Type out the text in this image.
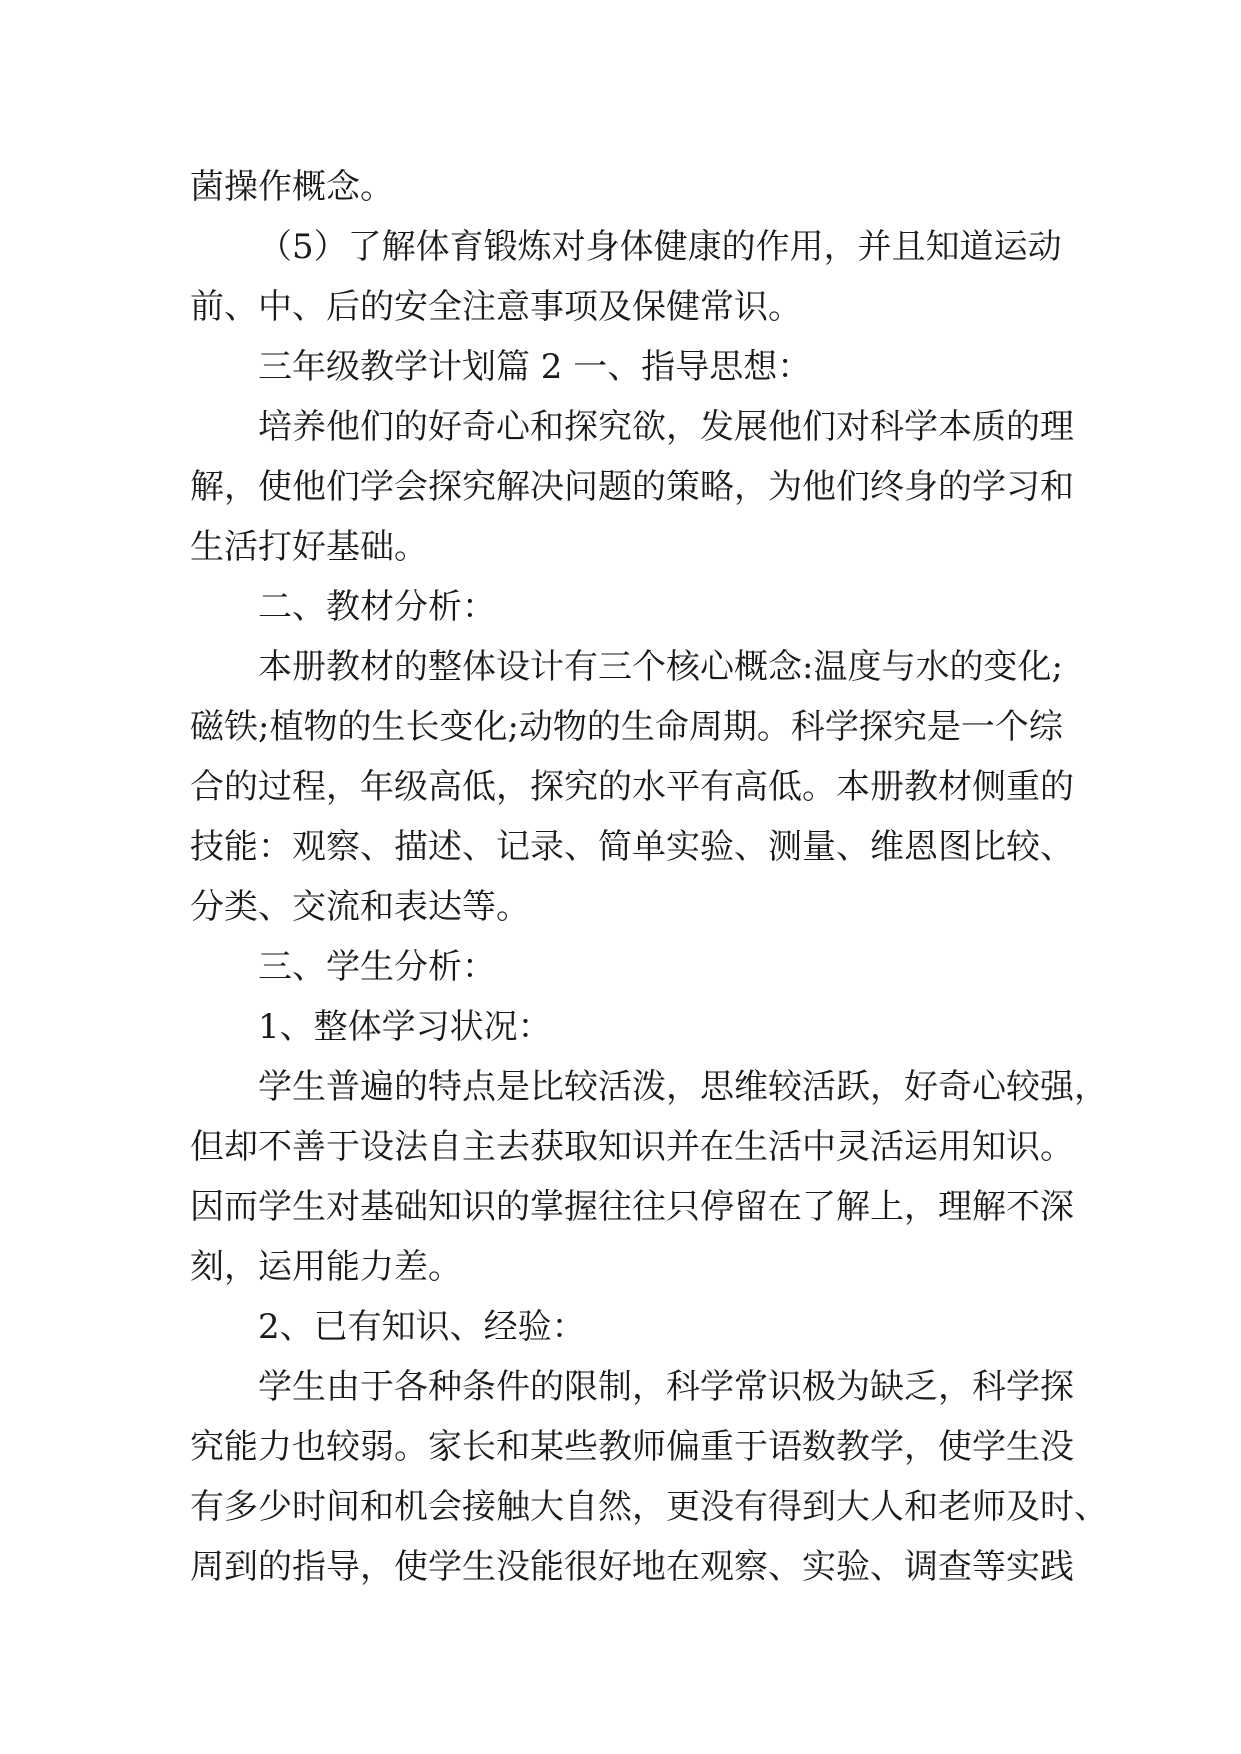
菌操作概念。
（5）了解体育锻炼对身体健康的作用，并且知道运动
前、中、后的安全注意事项及保健常识。
三年级教学计划篇 2 一、指导思想：
培养他们的好奇心和探究欲，发展他们对科学本质的理
解，使他们学会探究解决问题的策略，为他们终身的学习和
生活打好基础。
二、教材分析：
本册教材的整体设计有三个核心概念:温度与水的变化;
磁铁;植物的生长变化;动物的生命周期。科学探究是一个综
合的过程，年级高低，探究的水平有高低。本册教材侧重的
技能：观察、描述、记录、简单实验、测量、维恩图比较、
分类、交流和表达等。
三、学生分析：
1、整体学习状况：
学生普遍的特点是比较活泼，思维较活跃，好奇心较强，
但却不善于设法自主去获取知识并在生活中灵活运用知识。
因而学生对基础知识的掌握往往只停留在了解上，理解不深
刻，运用能力差。
2、已有知识、经验：
学生由于各种条件的限制，科学常识极为缺乏，科学探
究能力也较弱。家长和某些教师偏重于语数教学，使学生没
有多少时间和机会接触大自然，更没有得到大人和老师及时、
周到的指导，使学生没能很好地在观察、实验、调查等实践
